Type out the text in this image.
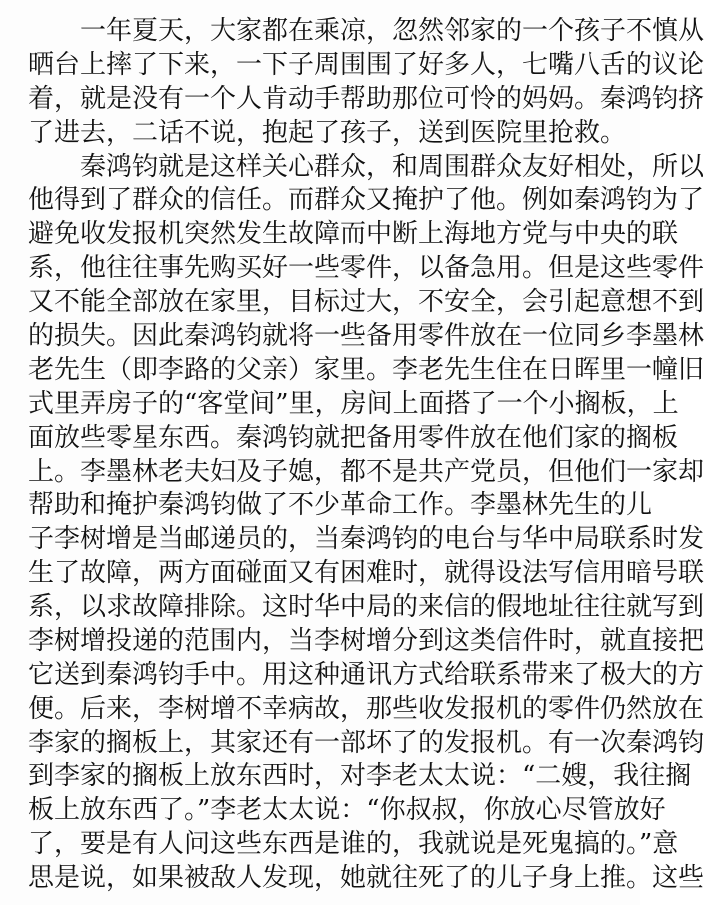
一年夏天，大家都在乘凉，忽然邻家的一个孩子不慎从
晒台上摔了下来，一下子周围围了好多人，七嘴八舌的议论
着，就是没有一个人肯动手帮助那位可怜的妈妈。秦鸿钧挤
了进去，二话不说，抱起了孩子，送到医院里抢救。
秦鸿钧就是这样关心群众，和周围群众友好相处，所以
他得到了群众的信任。而群众又掩护了他。例如秦鸿钧为了
避免收发报机突然发生故障而中断上海地方党与中央的联
系，他往往事先购买好一些零件，以备急用。但是这些零件
又不能全部放在家里，目标过大，不安全，会引起意想不到
的损失。因此秦鸿钧就将一些备用零件放在一位同乡李墨林
老先生（即李路的父亲）家里。李老先生住在日晖里一幢旧
式里弄房子的“客堂间”里，房间上面搭了一个小搁板，上
面放些零星东西。秦鸿钧就把备用零件放在他们家的搁板
上。李墨林老夫妇及子媳，都不是共产党员，但他们一家却
帮助和掩护秦鸿钧做了不少革命工作。李墨林先生的儿
子李树增是当邮递员的，当秦鸿钧的电台与华中局联系时发
生了故障，两方面碰面又有困难时，就得设法写信用暗号联
系，以求故障排除。这时华中局的来信的假地址往往就写到
李树增投递的范围内，当李树增分到这类信件时，就直接把
它送到秦鸿钧手中。用这种通讯方式给联系带来了极大的方
便。后来，李树增不幸病故，那些收发报机的零件仍然放在
李家的搁板上，其家还有一部坏了的发报机。有一次秦鸿钧
到李家的搁板上放东西时，对李老太太说：“二嫂，我往搁
板上放东西了。”李老太太说：“你叔叔，你放心尽管放好
了，要是有人问这些东西是谁的，我就说是死鬼搞的。”意
思是说，如果被敌人发现，她就往死了的儿子身上推。这些
